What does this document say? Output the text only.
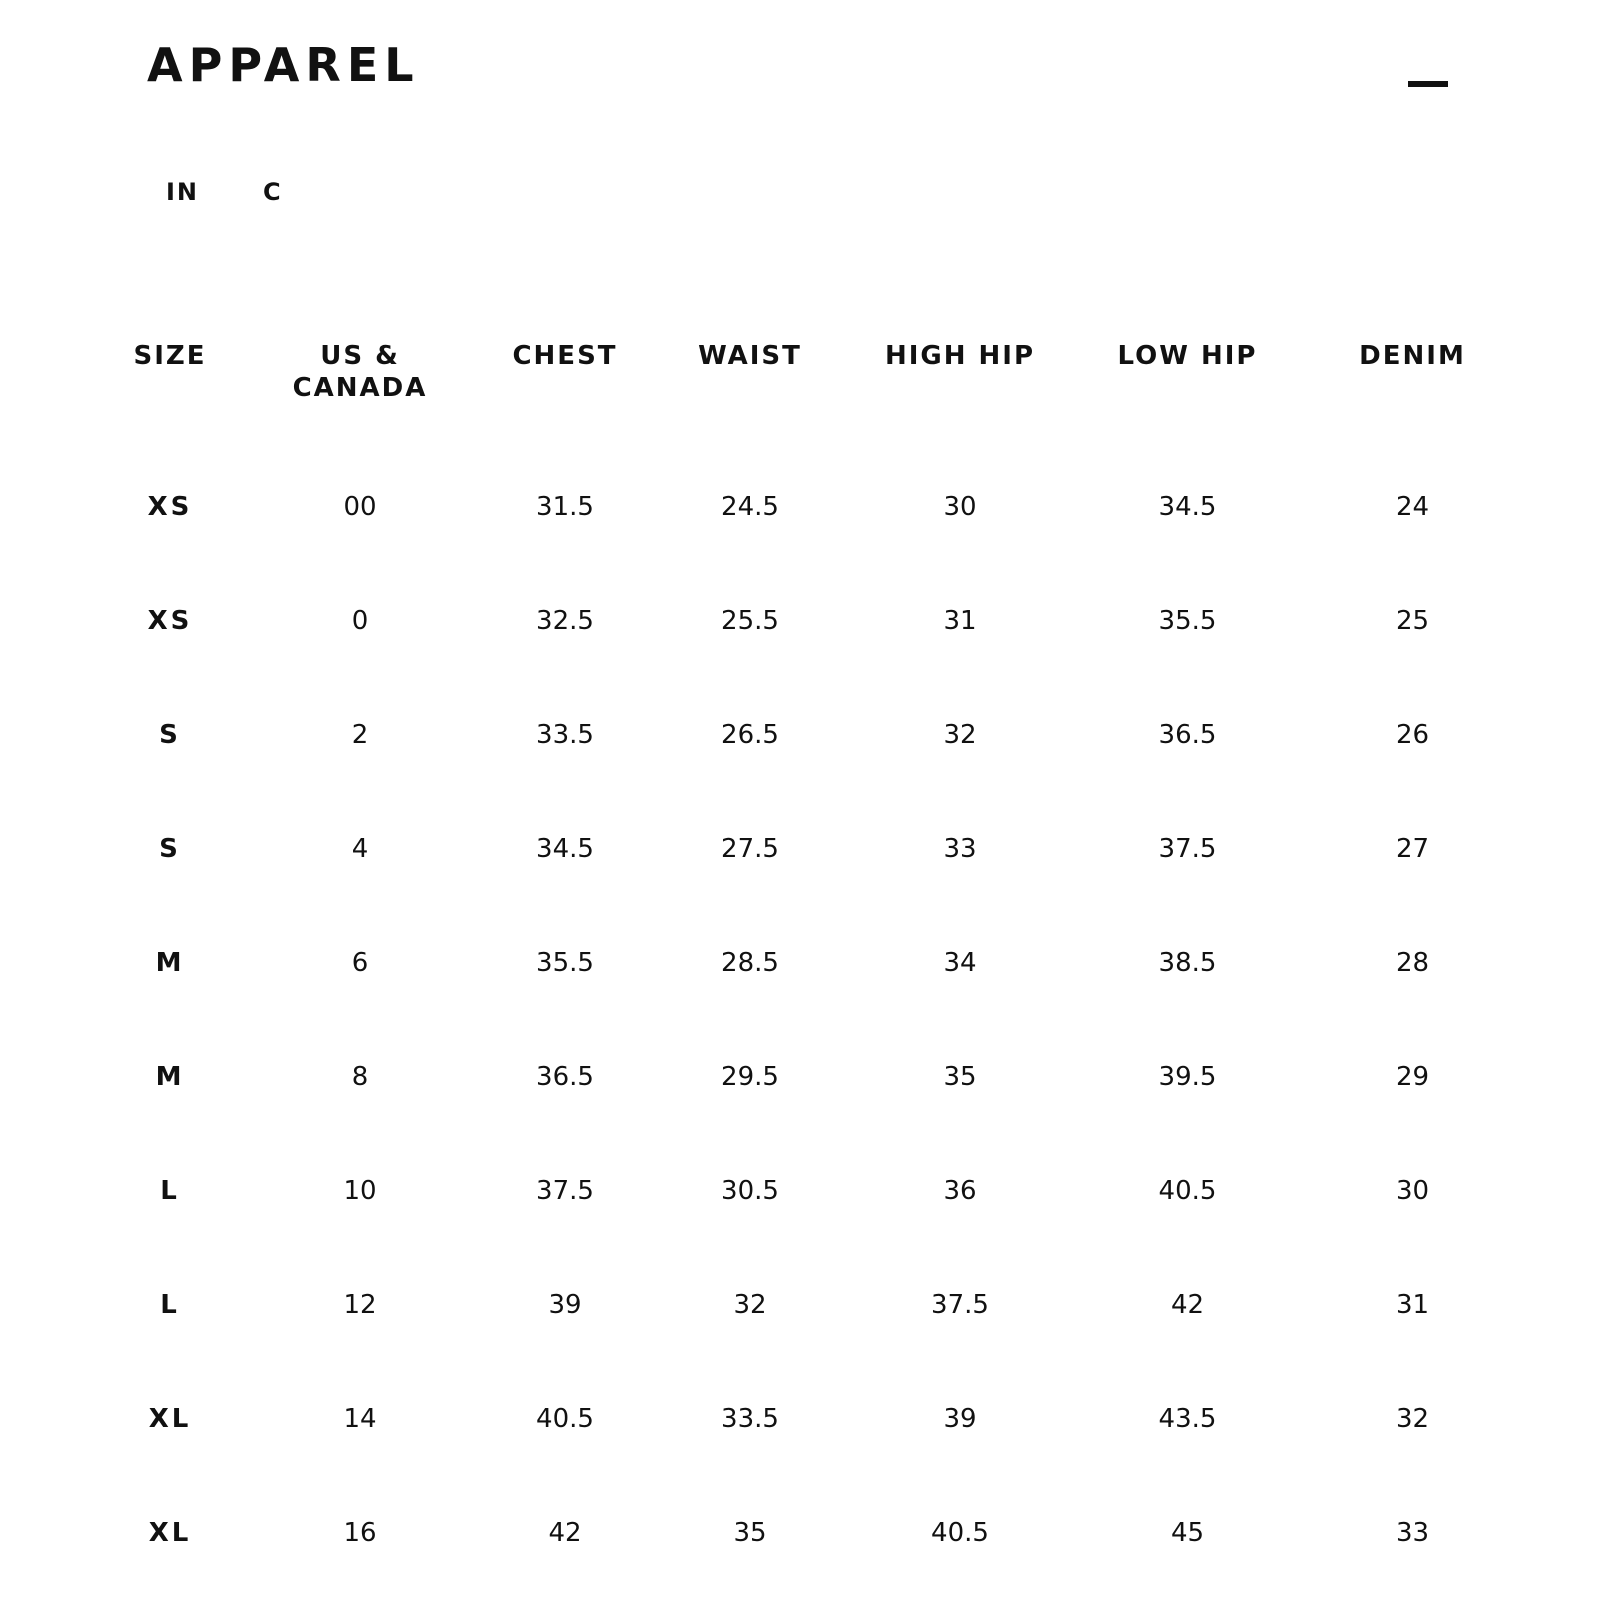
APPAREL
IN	C
SIZE	US &
CANADA	CHEST	WAIST	HIGH HIP	LOW HIP	DENIM

XS	00	31.5	24.5	30	34.5	24
XS	0	32.5	25.5	31	35.5	25
S	2	33.5	26.5	32	36.5	26
S	4	34.5	27.5	33	37.5	27
M	6	35.5	28.5	34	38.5	28
M	8	36.5	29.5	35	39.5	29
L	10	37.5	30.5	36	40.5	30
L	12	39	32	37.5	42	31
XL	14	40.5	33.5	39	43.5	32
XL	16	42	35	40.5	45	33
